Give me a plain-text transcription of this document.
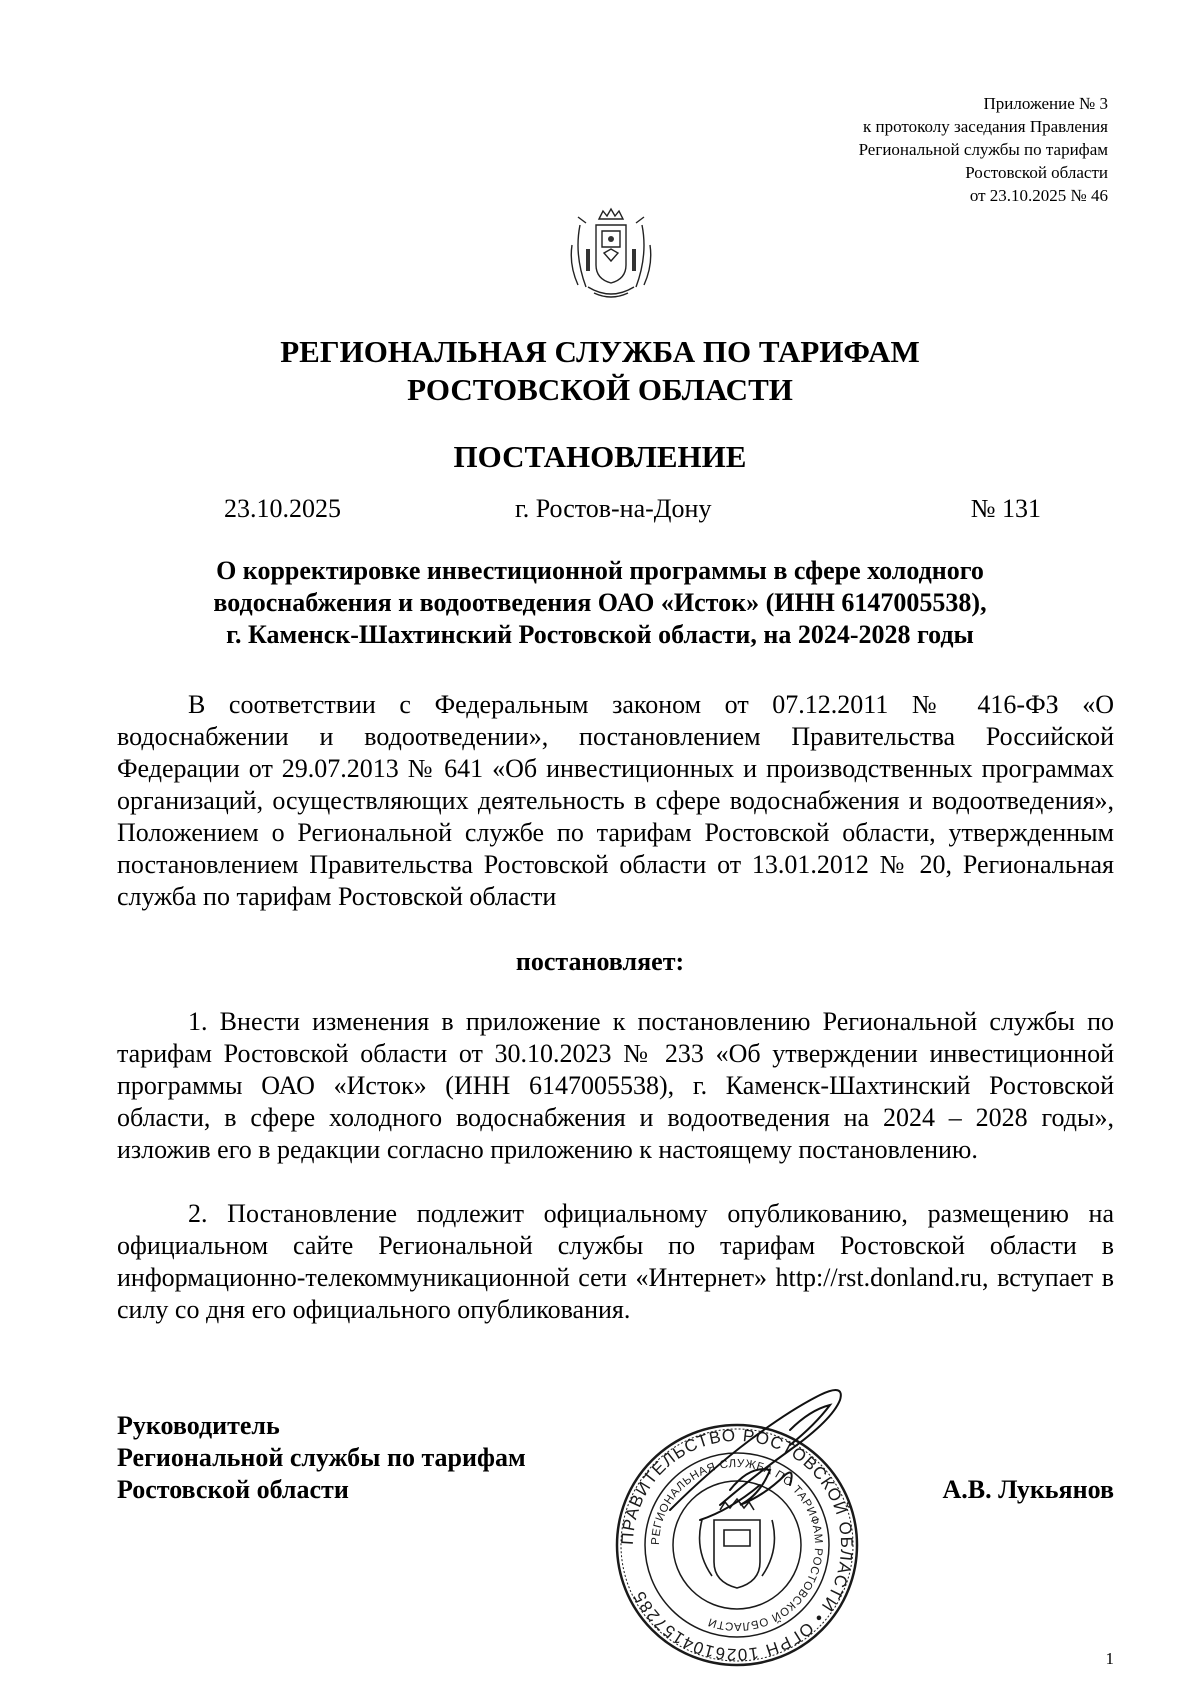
Приложение № 3
к протоколу заседания Правления
Региональной службы по тарифам
Ростовской области
от 23.10.2025 № 46
РЕГИОНАЛЬНАЯ СЛУЖБА ПО ТАРИФАМ
РОСТОВСКОЙ ОБЛАСТИ
ПОСТАНОВЛЕНИЕ
23.10.2025	г. Ростов-на-Дону	№ 131
О корректировке инвестиционной программы в сфере холодного
водоснабжения и водоотведения ОАО «Исток» (ИНН 6147005538),
г. Каменск-Шахтинский Ростовской области, на 2024-2028 годы
В соответствии с Федеральным законом от 07.12.2011 № 416-ФЗ «О водоснабжении и водоотведении», постановлением Правительства Российской Федерации от 29.07.2013 № 641 «Об инвестиционных и производственных программах организаций, осуществляющих деятельность в сфере водоснабжения и водоотведения», Положением о Региональной службе по тарифам Ростовской области, утвержденным постановлением Правительства Ростовской области от 13.01.2012 № 20, Региональная служба по тарифам Ростовской области
постановляет:
1. Внести изменения в приложение к постановлению Региональной службы по тарифам Ростовской области от 30.10.2023 № 233 «Об утверждении инвестиционной программы ОАО «Исток» (ИНН 6147005538), г. Каменск-Шахтинский Ростовской области, в сфере холодного водоснабжения и водоотведения на 2024 – 2028 годы», изложив его в редакции согласно приложению к настоящему постановлению.
2. Постановление подлежит официальному опубликованию, размещению на официальном сайте Региональной службы по тарифам Ростовской области в информационно-телекоммуникационной сети «Интернет» http://rst.donland.ru, вступает в силу со дня его официального опубликования.
Руководитель
Региональной службы по тарифам
Ростовской области
ПРАВИТЕЛЬСТВО РОСТОВСКОЙ ОБЛАСТИ • ОГРН 1026104157285
РЕГИОНАЛЬНАЯ СЛУЖБА ПО ТАРИФАМ РОСТОВСКОЙ ОБЛАСТИ
А.В. Лукьянов
1
